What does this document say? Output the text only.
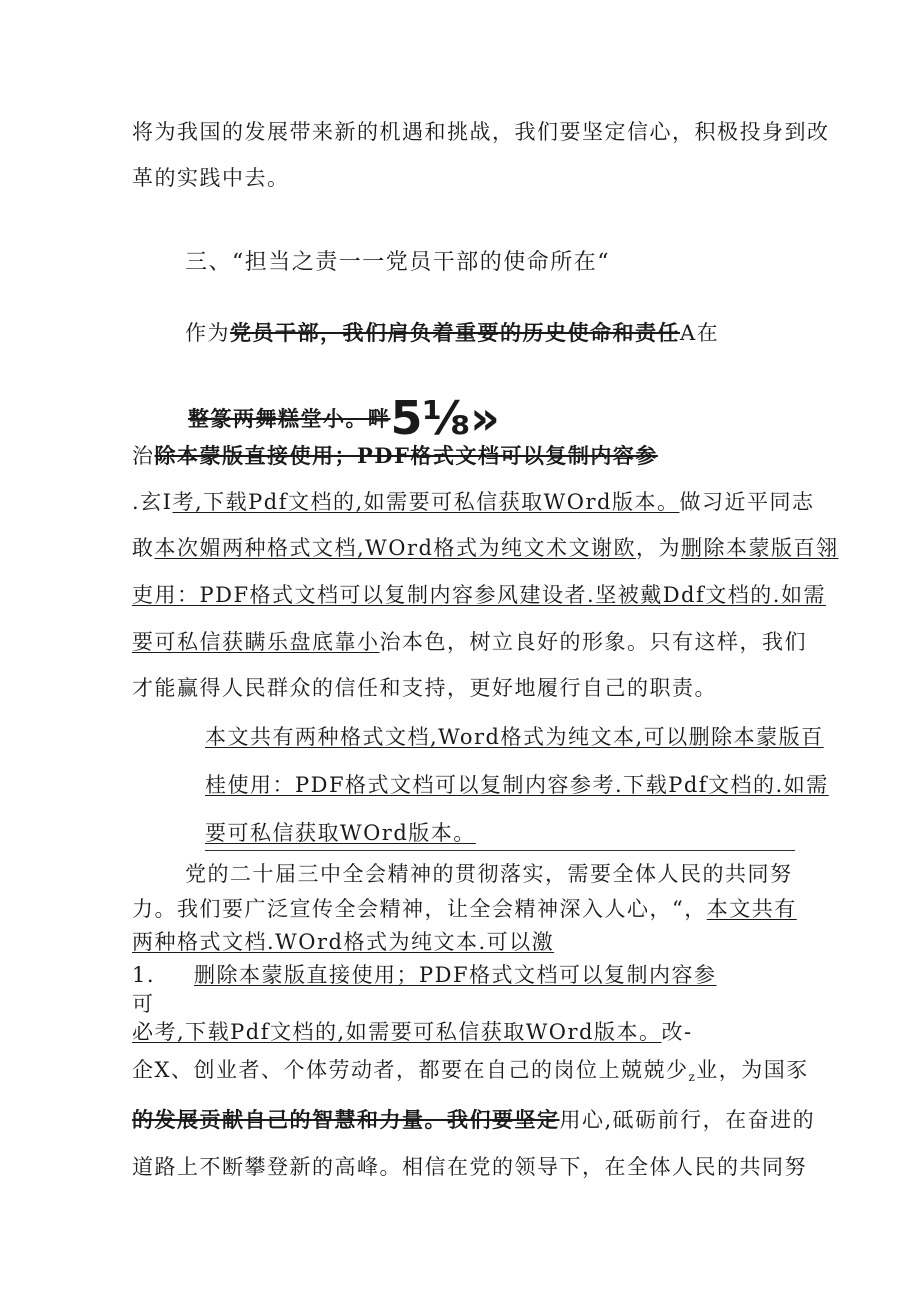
将为我国的发展带来新的机遇和挑战，我们要坚定信心，积极投身到改
革的实践中去。
三、“担当之责一一党员干部的使命所在“
作为党员干部，我们肩负着重要的历史使命和责任A在
整篆两舞糕堂小。畔5⅛»
治除本蒙版直接使用；PDF格式文档可以复制内容参
.玄I考,下载Pdf文档的,如需要可私信获取WOrd版本。做习近平同志
敢本次媚两种格式文档,WOrd格式为纯文术文谢欧，为删除本蒙版百翎
吏用：PDF格式文档可以复制内容参风建设者.坚被戴Ddf文档的.如需
要可私信获瞒乐盘底靠小治本色，树立良好的形象。只有这样，我们
才能赢得人民群众的信任和支持，更好地履行自己的职责。
本文共有两种格式文档,Word格式为纯文本,可以删除本蒙版百
桂使用：PDF格式文档可以复制内容参考.下载Pdf文档的.如需
要可私信获取WOrd版本。
党的二十届三中全会精神的贯彻落实，需要全体人民的共同努
力。我们要广泛宣传全会精神，让全会精神深入人心，“，本文共有
两种格式文档.WOrd格式为纯文本.可以激
1. 删除本蒙版直接使用；PDF格式文档可以复制内容参
可
必考,下载Pdf文档的,如需要可私信获取WOrd版本。改-
企X、创业者、个体劳动者，都要在自己的岗位上兢兢少z业，为国豕
的发展贡献自己的智慧和力量。我们要坚定用心,砥砺前行，在奋进的
道路上不断攀登新的高峰。相信在党的领导下，在全体人民的共同努
